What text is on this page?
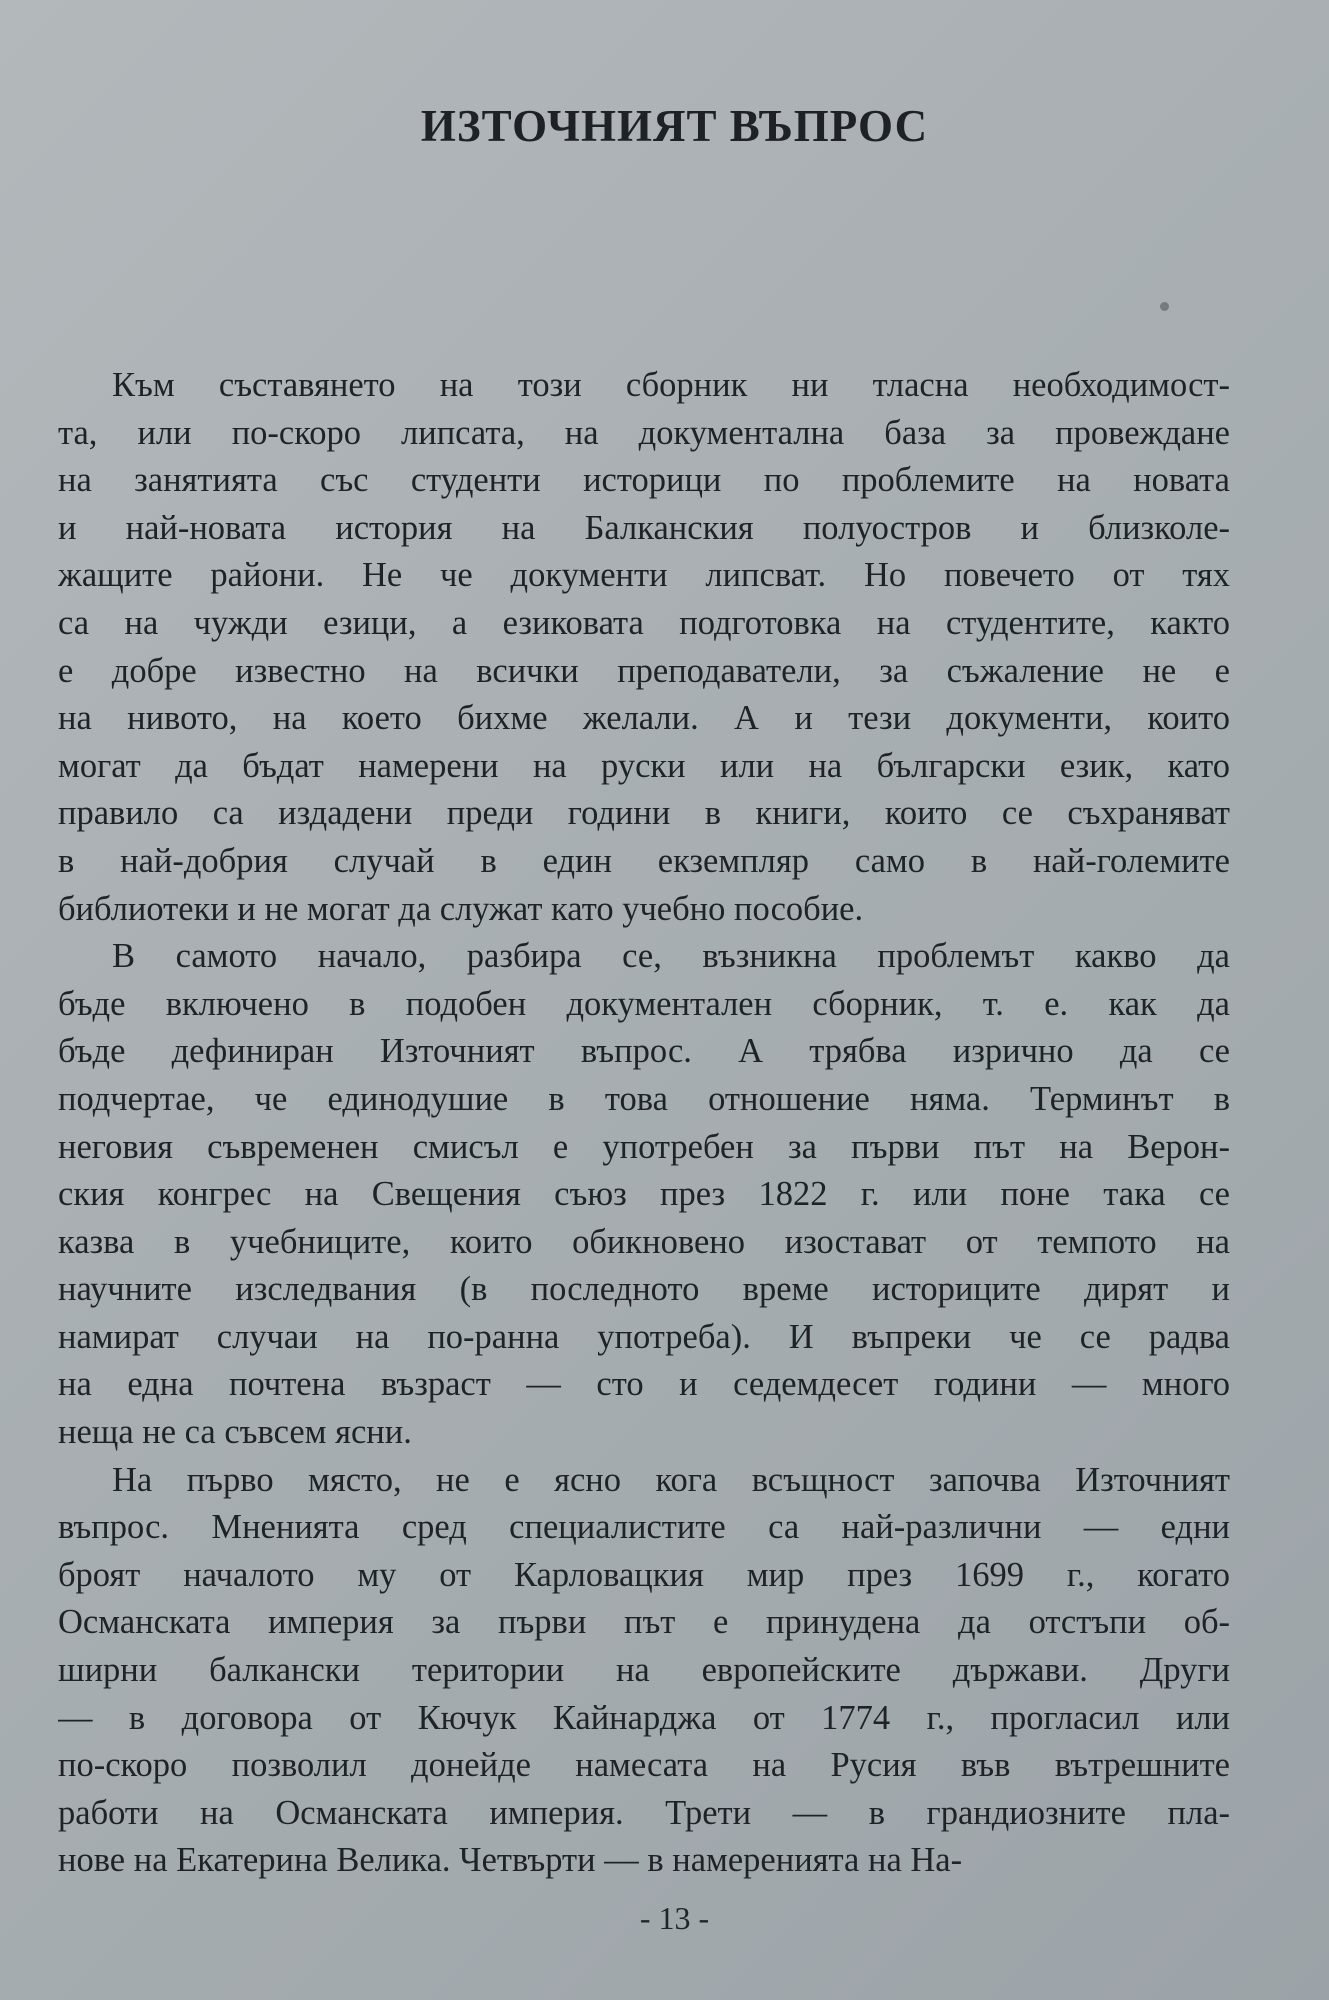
ИЗТОЧНИЯТ ВЪПРОС
Към съставянето на този сборник ни тласна необходимост-
та, или по-скоро липсата, на документална база за провеждане
на занятията със студенти историци по проблемите на новата
и най-новата история на Балканския полуостров и близколе-
жащите райони. Не че документи липсват. Но повечето от тях
са на чужди езици, а езиковата подготовка на студентите, както
е добре известно на всички преподаватели, за съжаление не е
на нивото, на което бихме желали. А и тези документи, които
могат да бъдат намерени на руски или на български език, като
правило са издадени преди години в книги, които се съхраняват
в най-добрия случай в един екземпляр само в най-големите
библиотеки и не могат да служат като учебно пособие.
В самото начало, разбира се, възникна проблемът какво да
бъде включено в подобен документален сборник, т. е. как да
бъде дефиниран Източният въпрос. А трябва изрично да се
подчертае, че единодушие в това отношение няма. Терминът в
неговия съвременен смисъл е употребен за първи път на Верон-
ския конгрес на Свещения съюз през 1822 г. или поне така се
казва в учебниците, които обикновено изостават от темпото на
научните изследвания (в последното време историците дирят и
намират случаи на по-ранна употреба). И въпреки че се радва
на една почтена възраст — сто и седемдесет години — много
неща не са съвсем ясни.
На първо място, не е ясно кога всъщност започва Източният
въпрос. Мненията сред специалистите са най-различни — едни
броят началото му от Карловацкия мир през 1699 г., когато
Османската империя за първи път е принудена да отстъпи об-
ширни балкански територии на европейските държави. Други
— в договора от Кючук Кайнарджа от 1774 г., прогласил или
по-скоро позволил донейде намесата на Русия във вътрешните
работи на Османската империя. Трети — в грандиозните пла-
нове на Екатерина Велика. Четвърти — в намеренията на На-
- 13 -
